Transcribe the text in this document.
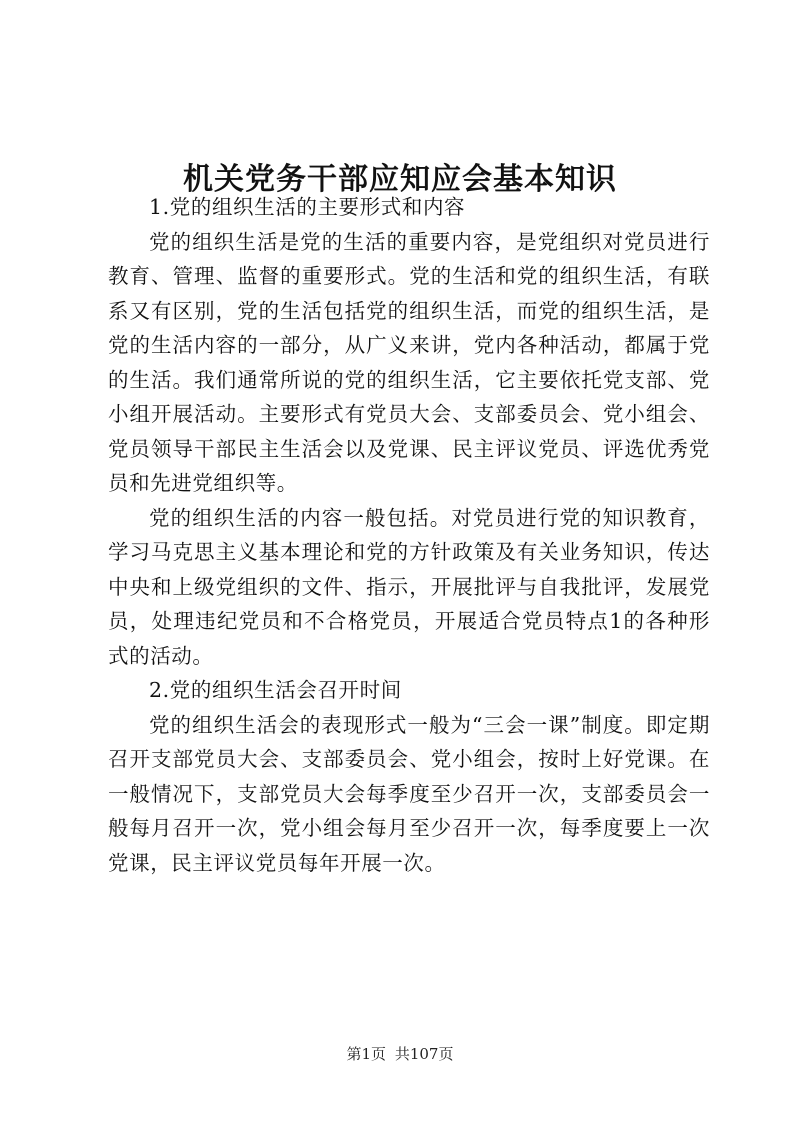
机关党务干部应知应会基本知识
1.党的组织生活的主要形式和内容

党的组织生活是党的生活的重要内容，是党组织对党员进行教育、管理、监督的重要形式。党的生活和党的组织生活，有联系又有区别，党的生活包括党的组织生活，而党的组织生活，是党的生活内容的一部分，从广义来讲，党内各种活动，都属于党的生活。我们通常所说的党的组织生活，它主要依托党支部、党小组开展活动。主要形式有党员大会、支部委员会、党小组会、党员领导干部民主生活会以及党课、民主评议党员、评选优秀党员和先进党组织等。

党的组织生活的内容一般包括。对党员进行党的知识教育，学习马克思主义基本理论和党的方针政策及有关业务知识，传达中央和上级党组织的文件、指示，开展批评与自我批评，发展党员，处理违纪党员和不合格党员，开展适合党员特点1的各种形式的活动。

2.党的组织生活会召开时间

党的组织生活会的表现形式一般为“三会一课”制度。即定期召开支部党员大会、支部委员会、党小组会，按时上好党课。在一般情况下，支部党员大会每季度至少召开一次，支部委员会一般每月召开一次，党小组会每月至少召开一次，每季度要上一次党课，民主评议党员每年开展一次。

第1页 共107页
